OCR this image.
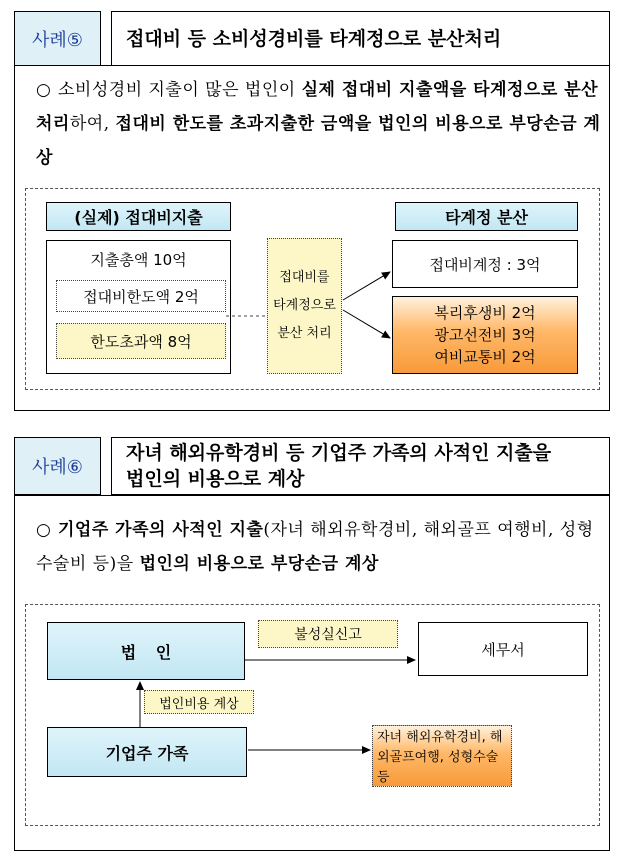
사례⑤	접대비 등 소비성경비를 타계정으로 분산처리
○ 소비성경비 지출이 많은 법인이 실제 접대비 지출액을 타계정으로 분산 처리하여, 접대비 한도를 초과지출한 금액을 법인의 비용으로 부당손금 계상
(실제) 접대비지출
지출총액 10억
접대비한도액 2억
한도초과액 8억
접대비를
타계정으로
분산 처리
타계정 분산
접대비계정 : 3억
복리후생비 2억
광고선전비 3억
여비교통비 2억
사례⑥
자녀 해외유학경비 등 기업주 가족의 사적인 지출을
법인의 비용으로 계상
○ 기업주 가족의 사적인 지출(자녀 해외유학경비, 해외골프 여행비, 성형수술비 등)을 법인의 비용으로 부당손금 계상
법 인
불성실신고
세무서
법인비용 계상
기업주 가족
자녀 해외유학경비, 해외골프여행, 성형수술 등
